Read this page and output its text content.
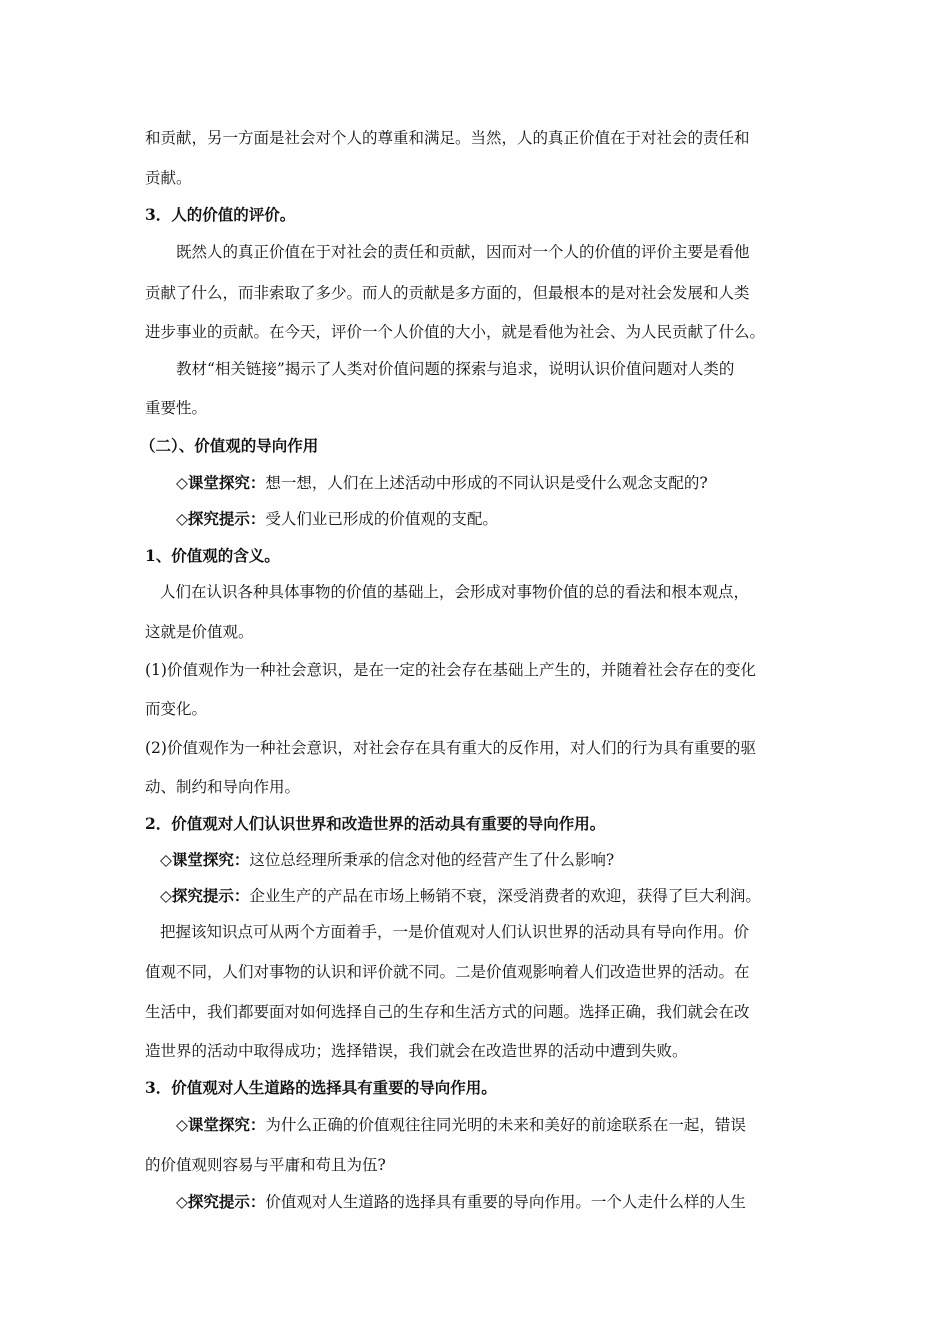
和贡献，另一方面是社会对个人的尊重和满足。当然，人的真正价值在于对社会的责任和
贡献。
3．人的价值的评价。
既然人的真正价值在于对社会的责任和贡献，因而对一个人的价值的评价主要是看他
贡献了什么，而非索取了多少。而人的贡献是多方面的，但最根本的是对社会发展和人类
进步事业的贡献。在今天，评价一个人价值的大小，就是看他为社会、为人民贡献了什么。
教材“相关链接”揭示了人类对价值问题的探索与追求，说明认识价值问题对人类的
重要性。
（二）、价值观的导向作用
◇课堂探究：想一想，人们在上述活动中形成的不同认识是受什么观念支配的?
◇探究提示：受人们业已形成的价值观的支配。
1、价值观的含义。
人们在认识各种具体事物的价值的基础上，会形成对事物价值的总的看法和根本观点，
这就是价值观。
(1)价值观作为一种社会意识，是在一定的社会存在基础上产生的，并随着社会存在的变化
而变化。
(2)价值观作为一种社会意识，对社会存在具有重大的反作用，对人们的行为具有重要的驱
动、制约和导向作用。
2．价值观对人们认识世界和改造世界的活动具有重要的导向作用。
◇课堂探究：这位总经理所秉承的信念对他的经营产生了什么影响?
◇探究提示：企业生产的产品在市场上畅销不衰，深受消费者的欢迎，获得了巨大利润。
把握该知识点可从两个方面着手，一是价值观对人们认识世界的活动具有导向作用。价
值观不同，人们对事物的认识和评价就不同。二是价值观影响着人们改造世界的活动。在
生活中，我们都要面对如何选择自己的生存和生活方式的问题。选择正确，我们就会在改
造世界的活动中取得成功；选择错误，我们就会在改造世界的活动中遭到失败。
3．价值观对人生道路的选择具有重要的导向作用。
◇课堂探究：为什么正确的价值观往往同光明的未来和美好的前途联系在一起，错误
的价值观则容易与平庸和苟且为伍?
◇探究提示：价值观对人生道路的选择具有重要的导向作用。一个人走什么样的人生
